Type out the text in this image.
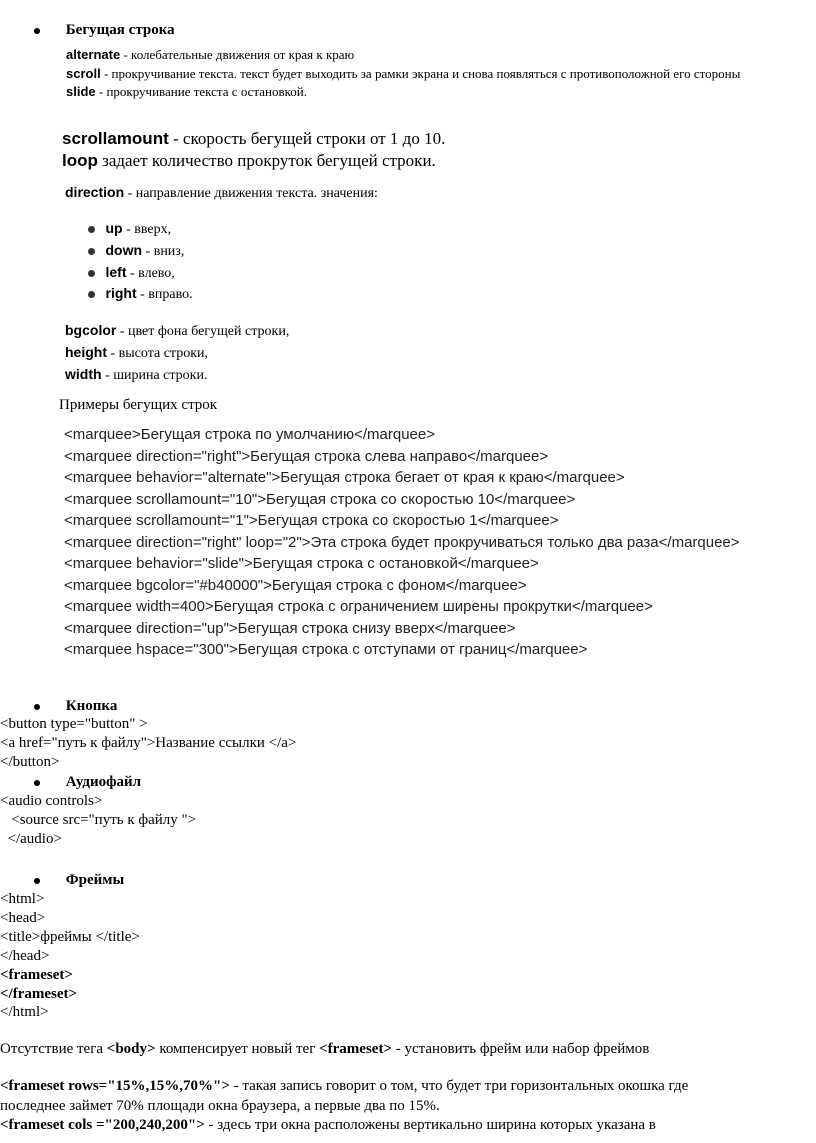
Бегущая строка
alternate - колебательные движения от края к краю
scroll - прокручивание текста. текст будет выходить за рамки экрана и снова появляться с противоположной его стороны
slide - прокручивание текста с остановкой.
scrollamount - скорость бегущей строки от 1 до 10.
loop задает количество прокруток бегущей строки.
direction - направление движения текста. значения:
up - вверх,
down - вниз,
left - влево,
right - вправо.
bgcolor - цвет фона бегущей строки,
height - высота строки,
width - ширина строки.
Примеры бегущих строк
<marquee>Бегущая строка по умолчанию</marquee>
<marquee direction="right">Бегущая строка слева направо</marquee>
<marquee behavior="alternate">Бегущая строка бегает от края к краю</marquee>
<marquee scrollamount="10">Бегущая строка со скоростью 10</marquee>
<marquee scrollamount="1">Бегущая строка со скоростью 1</marquee>
<marquee direction="right" loop="2">Эта строка будет прокручиваться только два раза</marquee>
<marquee behavior="slide">Бегущая строка с остановкой</marquee>
<marquee bgcolor="#b40000">Бегущая строка с фоном</marquee>
<marquee width=400>Бегущая строка с ограничением ширены прокрутки</marquee>
<marquee direction="up">Бегущая строка снизу вверх</marquee>
<marquee hspace="300">Бегущая строка с отступами от границ</marquee>
Кнопка
<button type="button" >
<a href="путь к файлу">Название ссылки </a>
</button>
Аудиофайл
<audio controls>
<source src="путь к файлу ">
</audio>
Фреймы
<html>
<head>
<title>фреймы </title>
</head>
<frameset>
</frameset>
</html>
Отсутствие тега <body> компенсирует новый тег <frameset> - установить фрейм или набор фреймов
<frameset rows="15%,15%,70%"> - такая запись говорит о том, что будет три горизонтальных окошка где
последнее займет 70% площади окна браузера, а первые два по 15%.
<frameset cols ="200,240,200"> - здесь три окна расположены вертикально ширина которых указана в
